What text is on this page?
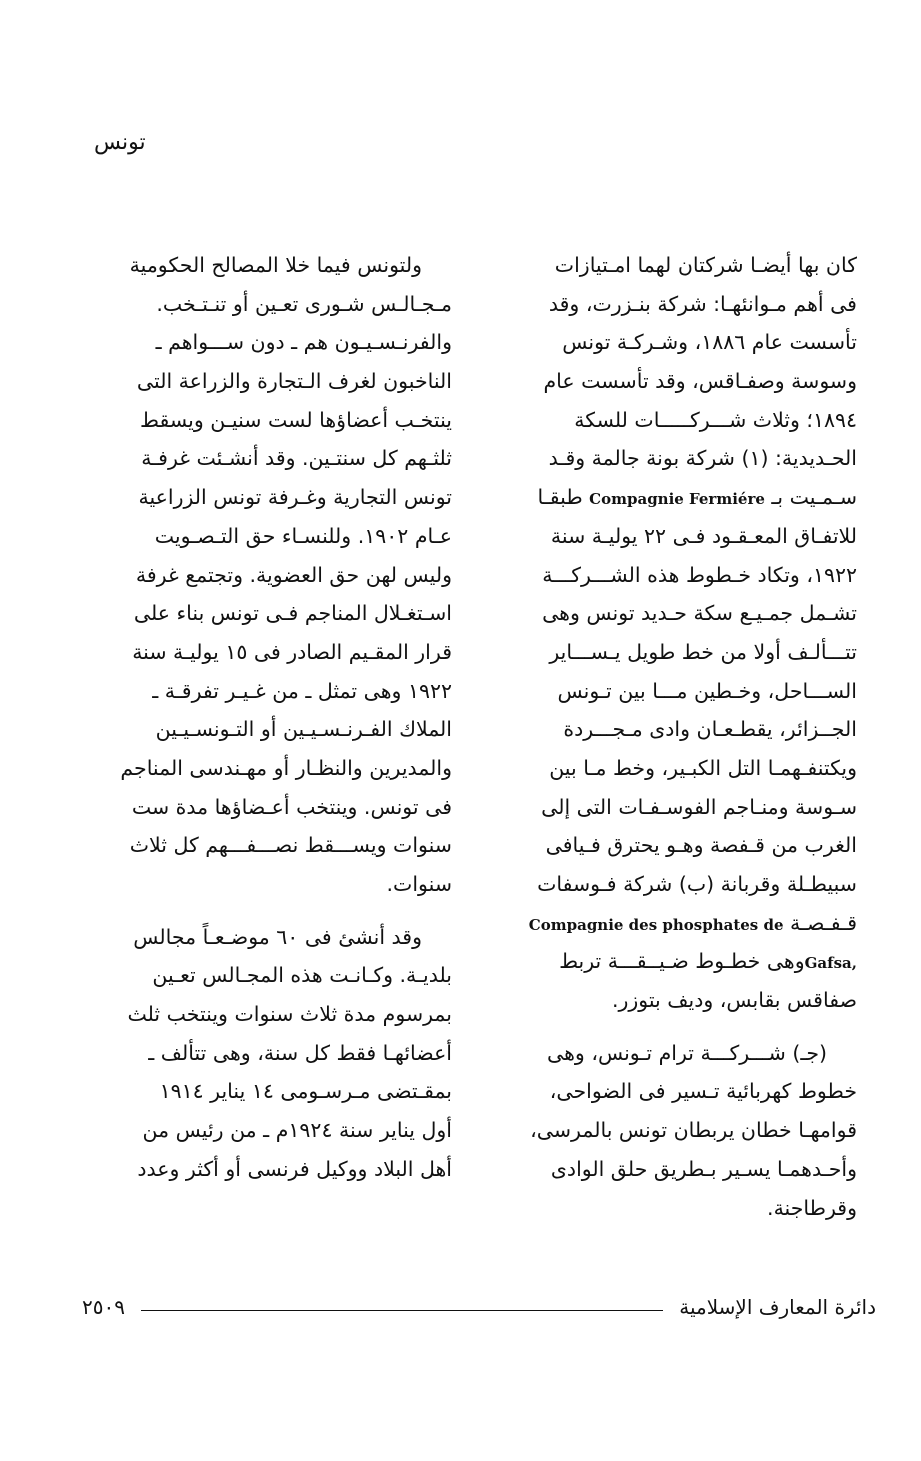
تونس
كان بها أيضـا شركتان لهما امـتيازات
فى أهم مـوانئهـا: شركة بنـزرت، وقد
تأسست عام ١٨٨٦، وشـركـة تونس
وسوسة وصفـاقس، وقد تأسست عام
١٨٩٤؛ وثلاث شـــركـــــات للسكة
الحـديدية: (١) شركة بونة جالمة وقـد
سـمـيت بـ Compagnie Fermiére طبقـا
للاتفـاق المعـقـود فـى ٢٢ يوليـة سنة
١٩٢٢، وتكاد خـطوط هذه الشـــركـــة
تشـمل جمـيـع سكة حـديد تونس وهى
تتـــألـف أولا من خط طويل يـســـاير
الســـاحل، وخـطين مـــا بين تـونس
الجــزائر، يقطـعـان وادى مـجـــردة
ويكتنفـهمـا التل الكبـير، وخط مـا بين
سـوسة ومنـاجم الفوسـفـات التى إلى
الغرب من قـفصة وهـو يحترق فـيافى
سبيطـلة وقربانة (ب) شركة فـوسفات
قـفـصـة Compagnie des phosphates de
Gafsa,وهى خطـوط ضـيــقـــة تربط
صفاقس بقابس، وديف بتوزر.
(جـ) شـــركـــة ترام تـونس، وهى
خطوط كهربائية تـسير فى الضواحى،
قوامهـا خطان يربطان تونس بالمرسى،
وأحـدهمـا يسـير بـطريق حلق الوادى
وقرطاجنة.
ولتونس فيما خلا المصالح الحكومية
مـجـالـس شـورى تعـين أو تنـتـخب.
والفرنـسـيـون هم ـ دون ســـواهم ـ
الناخبون لغرف الـتجارة والزراعة التى
ينتخـب أعضاؤها لست سنيـن ويسقط
ثلثـهم كل سنتـين. وقد أنشـئت غرفـة
تونس التجارية وغـرفة تونس الزراعية
عـام ١٩٠٢. وللنسـاء حق التـصـويت
وليس لهن حق العضوية. وتجتمع غرفة
اسـتغـلال المناجم فـى تونس بناء على
قرار المقـيم الصادر فى ١٥ يوليـة سنة
١٩٢٢ وهى تمثل ـ من غـيـر تفرقـة ـ
الملاك الفـرنـسـيـين أو التـونسـيـين
والمديرين والنظـار أو مهـندسى المناجم
فى تونس. وينتخب أعـضاؤها مدة ست
سنوات ويســـقط نصـــفـــهم كل ثلاث
سنوات.
وقد أنشئ فى ٦٠ موضـعـاً مجالس
بلديـة. وكـانـت هذه المجـالس تعـين
بمرسوم مدة ثلاث سنوات وينتخب ثلث
أعضائهـا فقط كل سنة، وهى تتألف ـ
بمقـتضى مـرسـومى ١٤ يناير ١٩١٤
أول يناير سنة ١٩٢٤م ـ من رئيس من
أهل البلاد ووكيل فرنسى أو أكثر وعدد
دائرة المعارف الإسلامية
٢٥٠٩
